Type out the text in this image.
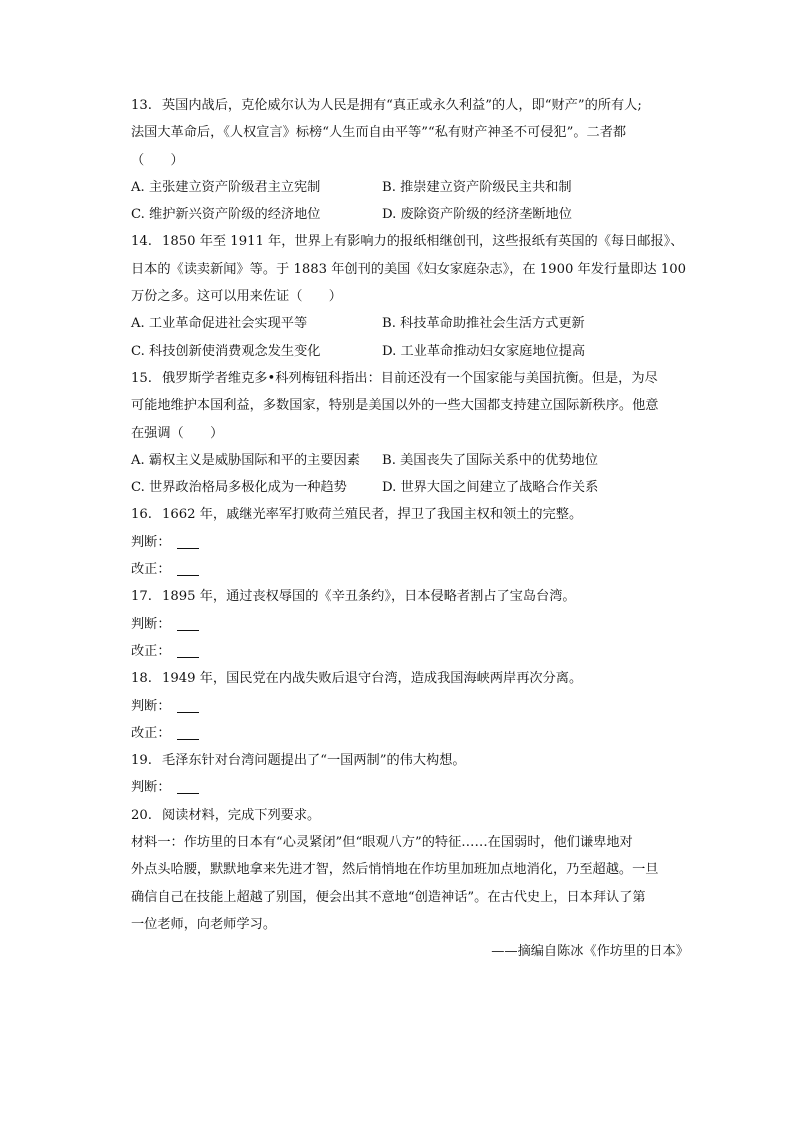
13. 英国内战后，克伦威尔认为人民是拥有“真正或永久利益”的人，即“财产”的所有人;
法国大革命后，《人权宣言》标榜“人生而自由平等”“私有财产神圣不可侵犯”。二者都
（　　）
A. 主张建立资产阶级君主立宪制	B. 推崇建立资产阶级民主共和制
C. 维护新兴资产阶级的经济地位	D. 废除资产阶级的经济垄断地位
14. 1850 年至 1911 年，世界上有影响力的报纸相继创刊，这些报纸有英国的《每日邮报》、
日本的《读卖新闻》等。于 1883 年创刊的美国《妇女家庭杂志》，在 1900 年发行量即达 100
万份之多。这可以用来佐证（　　）
A. 工业革命促进社会实现平等	B. 科技革命助推社会生活方式更新
C. 科技创新使消费观念发生变化	D. 工业革命推动妇女家庭地位提高
15. 俄罗斯学者维克多•科列梅钮科指出：目前还没有一个国家能与美国抗衡。但是，为尽
可能地维护本国利益，多数国家，特别是美国以外的一些大国都支持建立国际新秩序。他意
在强调（　　）
A. 霸权主义是威胁国际和平的主要因素	B. 美国丧失了国际关系中的优势地位
C. 世界政治格局多极化成为一种趋势	D. 世界大国之间建立了战略合作关系
16. 1662 年，戚继光率军打败荷兰殖民者，捍卫了我国主权和领土的完整。
判断：
改正：
17. 1895 年，通过丧权辱国的《辛丑条约》，日本侵略者割占了宝岛台湾。
判断：
改正：
18. 1949 年，国民党在内战失败后退守台湾，造成我国海峡两岸再次分离。
判断：
改正：
19. 毛泽东针对台湾问题提出了“一国两制”的伟大构想。
判断：
20. 阅读材料，完成下列要求。
材料一：作坊里的日本有“心灵紧闭”但“眼观八方”的特征……在国弱时，他们谦卑地对
外点头哈腰，默默地拿来先进才智，然后悄悄地在作坊里加班加点地消化，乃至超越。一旦
确信自己在技能上超越了别国，便会出其不意地“创造神话”。在古代史上，日本拜认了第
一位老师，向老师学习。
——摘编自陈冰《作坊里的日本》
